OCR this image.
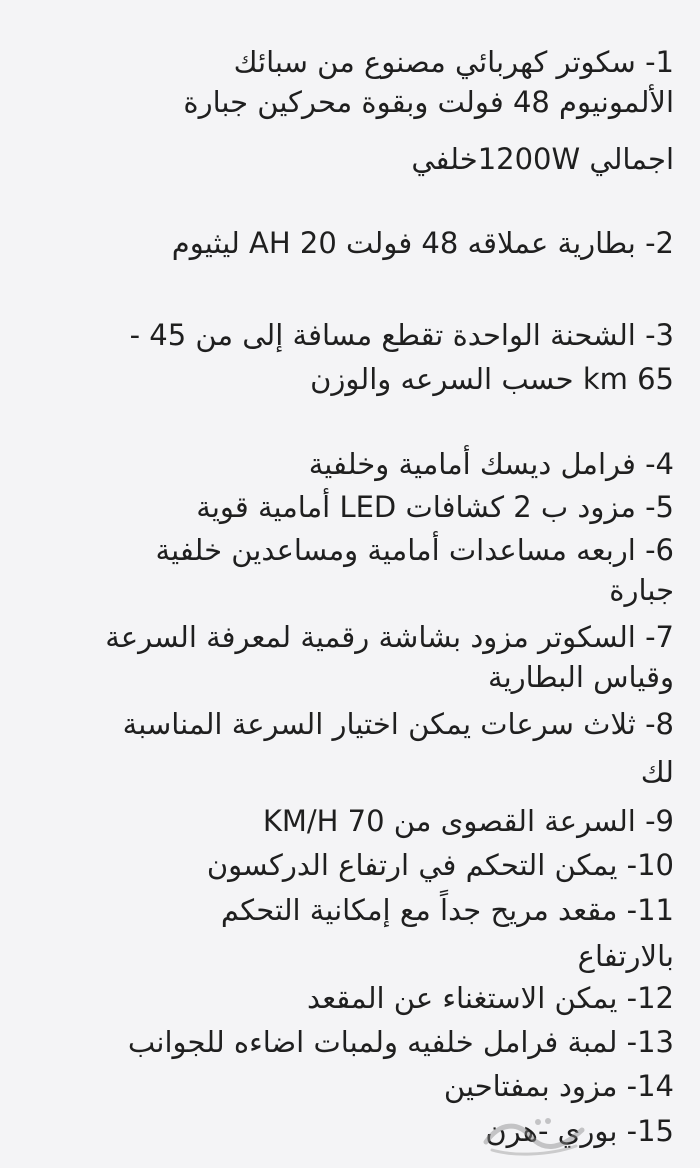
1- سكوتر كهربائي مصنوع من سبائك
الألمونيوم 48 فولت وبقوة محركين جبارة
اجمالي 1200Wخلفي
2- بطارية عملاقه 48 فولت 20 AH ليثيوم
3- الشحنة الواحدة تقطع مسافة إلى من 45 -
65 km حسب السرعه والوزن
4- فرامل ديسك أمامية وخلفية
5- مزود ب 2 كشافات LED أمامية قوية
6- اربعه مساعدات أمامية ومساعدين خلفية
جبارة
7- السكوتر مزود بشاشة رقمية لمعرفة السرعة
وقياس البطارية
8- ثلاث سرعات يمكن اختيار السرعة المناسبة
لك
9- السرعة القصوى من 70 KM/H
10- يمكن التحكم في ارتفاع الدركسون
11- مقعد مريح جداً مع إمكانية التحكم
بالارتفاع
12- يمكن الاستغناء عن المقعد
13- لمبة فرامل خلفيه ولمبات اضاءه للجوانب
14- مزود بمفتاحين
15- بوري -هرن
